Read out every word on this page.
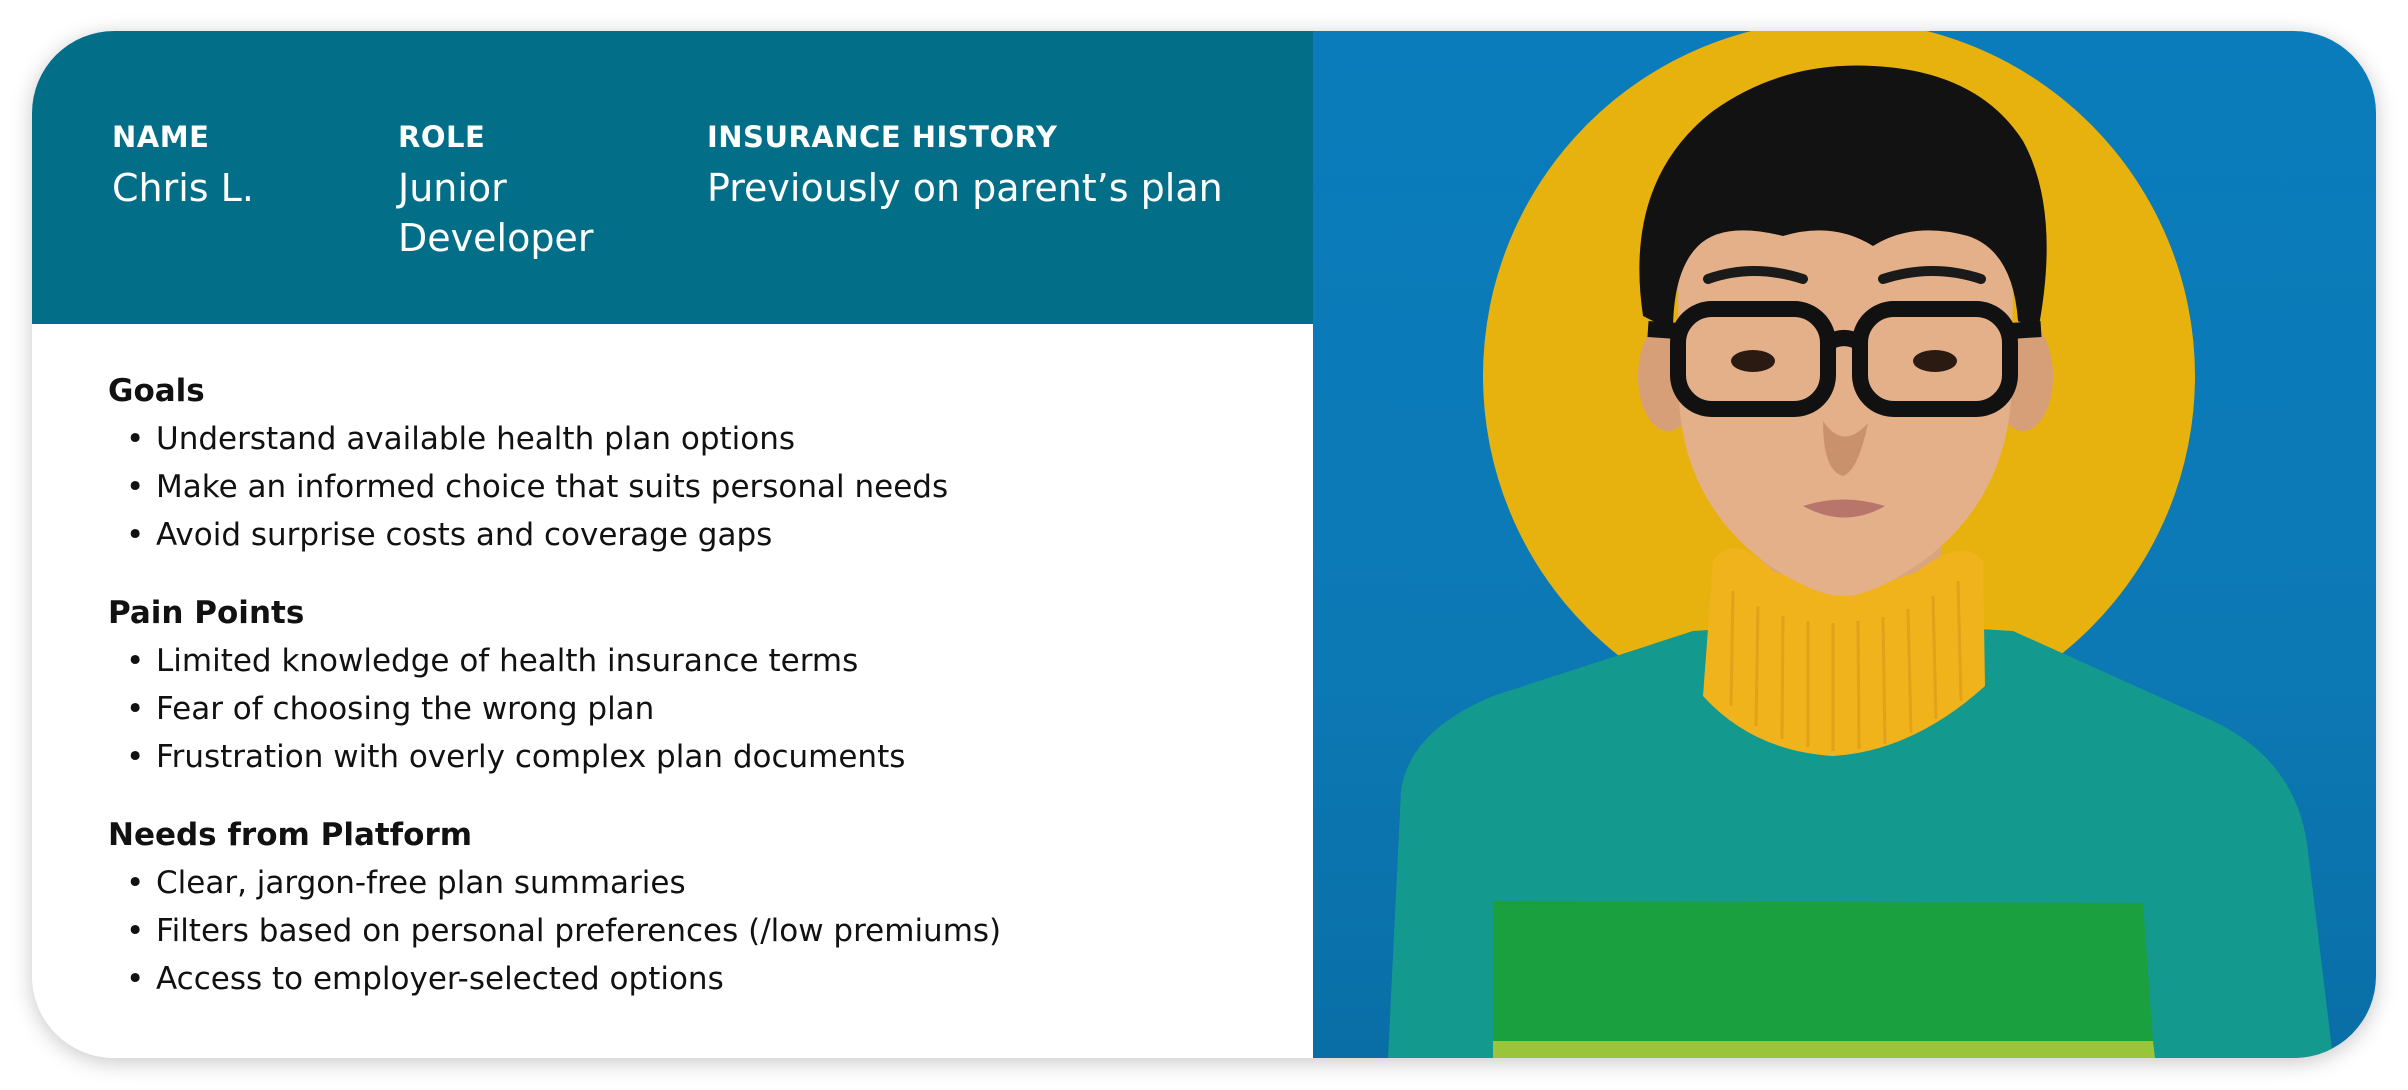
NAME
Chris L.
ROLE
Junior Developer
INSURANCE HISTORY
Previously on parent’s plan
Goals
• Understand available health plan options
• Make an informed choice that suits personal needs
• Avoid surprise costs and coverage gaps
Pain Points
• Limited knowledge of health insurance terms
• Fear of choosing the wrong plan
• Frustration with overly complex plan documents
Needs from Platform
• Clear, jargon-free plan summaries
• Filters based on personal preferences (/low premiums)
• Access to employer-selected options
